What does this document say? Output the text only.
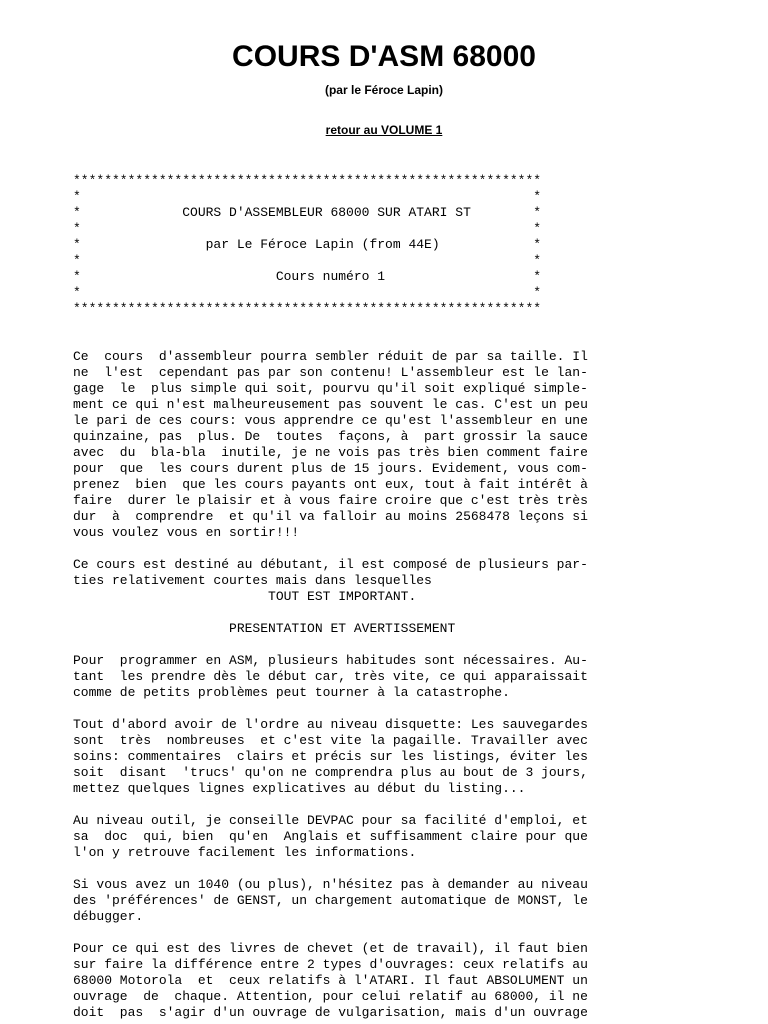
COURS D'ASM 68000
(par le Féroce Lapin)
retour au VOLUME 1
************************************************************
*                                                          *
*             COURS D'ASSEMBLEUR 68000 SUR ATARI ST        *
*                                                          *
*                par Le Féroce Lapin (from 44E)            *
*                                                          *
*                         Cours numéro 1                   *
*                                                          *
************************************************************

Ce  cours  d'assembleur pourra sembler réduit de par sa taille. Il
ne  l'est  cependant pas par son contenu! L'assembleur est le lan-
gage  le  plus simple qui soit, pourvu qu'il soit expliqué simple-
ment ce qui n'est malheureusement pas souvent le cas. C'est un peu
le pari de ces cours: vous apprendre ce qu'est l'assembleur en une
quinzaine, pas  plus. De  toutes  façons, à  part grossir la sauce
avec  du  bla-bla  inutile, je ne vois pas très bien comment faire
pour  que  les cours durent plus de 15 jours. Evidement, vous com-
prenez  bien  que les cours payants ont eux, tout à fait intérêt à
faire  durer le plaisir et à vous faire croire que c'est très très
dur  à  comprendre  et qu'il va falloir au moins 2568478 leçons si
vous voulez vous en sortir!!!

Ce cours est destiné au débutant, il est composé de plusieurs par-
ties relativement courtes mais dans lesquelles
TOUT EST IMPORTANT.

PRESENTATION ET AVERTISSEMENT

Pour  programmer en ASM, plusieurs habitudes sont nécessaires. Au-
tant  les prendre dès le début car, très vite, ce qui apparaissait
comme de petits problèmes peut tourner à la catastrophe.

Tout d'abord avoir de l'ordre au niveau disquette: Les sauvegardes
sont  très  nombreuses  et c'est vite la pagaille. Travailler avec
soins: commentaires  clairs et précis sur les listings, éviter les
soit  disant  'trucs' qu'on ne comprendra plus au bout de 3 jours,
mettez quelques lignes explicatives au début du listing...

Au niveau outil, je conseille DEVPAC pour sa facilité d'emploi, et
sa  doc  qui, bien  qu'en  Anglais et suffisamment claire pour que
l'on y retrouve facilement les informations.

Si vous avez un 1040 (ou plus), n'hésitez pas à demander au niveau
des 'préférences' de GENST, un chargement automatique de MONST, le
débugger.

Pour ce qui est des livres de chevet (et de travail), il faut bien
sur faire la différence entre 2 types d'ouvrages: ceux relatifs au
68000 Motorola  et  ceux relatifs à l'ATARI. Il faut ABSOLUMENT un
ouvrage  de  chaque. Attention, pour celui relatif au 68000, il ne
doit  pas  s'agir d'un ouvrage de vulgarisation, mais d'un ouvrage
